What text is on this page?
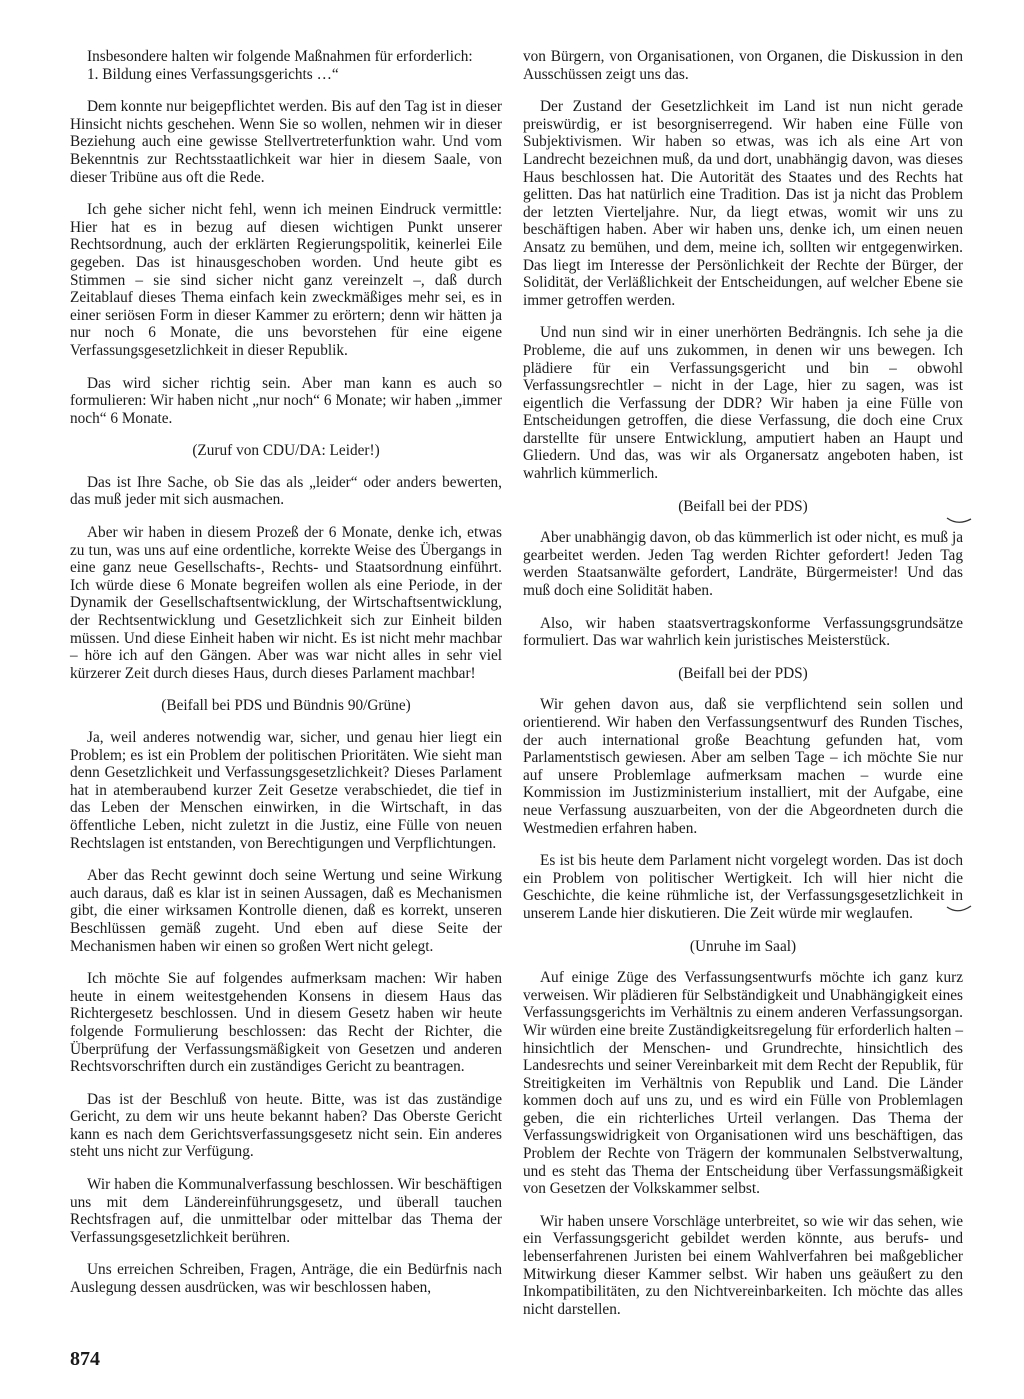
Insbesondere halten wir folgende Maßnahmen für erforderlich:
1. Bildung eines Verfassungsgerichts …“

Dem konnte nur beigepflichtet werden. Bis auf den Tag ist in dieser Hinsicht nichts geschehen. Wenn Sie so wollen, nehmen wir in dieser Beziehung auch eine gewisse Stellvertreterfunktion wahr. Und vom Bekenntnis zur Rechtsstaatlichkeit war hier in diesem Saale, von dieser Tribüne aus oft die Rede.

Ich gehe sicher nicht fehl, wenn ich meinen Eindruck vermittle: Hier hat es in bezug auf diesen wichtigen Punkt unserer Rechtsordnung, auch der erklärten Regierungspolitik, keinerlei Eile gegeben. Das ist hinausgeschoben worden. Und heute gibt es Stimmen – sie sind sicher nicht ganz vereinzelt –, daß durch Zeitablauf dieses Thema einfach kein zweckmäßiges mehr sei, es in einer seriösen Form in dieser Kammer zu erörtern; denn wir hätten ja nur noch 6 Monate, die uns bevorstehen für eine eigene Verfassungsgesetzlichkeit in dieser Republik.

Das wird sicher richtig sein. Aber man kann es auch so formulieren: Wir haben nicht „nur noch“ 6 Monate; wir haben „immer noch“ 6 Monate.

(Zuruf von CDU/DA: Leider!)

Das ist Ihre Sache, ob Sie das als „leider“ oder anders bewerten, das muß jeder mit sich ausmachen.

Aber wir haben in diesem Prozeß der 6 Monate, denke ich, etwas zu tun, was uns auf eine ordentliche, korrekte Weise des Übergangs in eine ganz neue Gesellschafts-, Rechts- und Staatsordnung einführt. Ich würde diese 6 Monate begreifen wollen als eine Periode, in der Dynamik der Gesellschaftsentwicklung, der Wirtschaftsentwicklung, der Rechtsentwicklung und Gesetzlichkeit sich zur Einheit bilden müssen. Und diese Einheit haben wir nicht. Es ist nicht mehr machbar – höre ich auf den Gängen. Aber was war nicht alles in sehr viel kürzerer Zeit durch dieses Haus, durch dieses Parlament machbar!

(Beifall bei PDS und Bündnis 90/Grüne)

Ja, weil anderes notwendig war, sicher, und genau hier liegt ein Problem; es ist ein Problem der politischen Prioritäten. Wie sieht man denn Gesetzlichkeit und Verfassungsgesetzlichkeit? Dieses Parlament hat in atemberaubend kurzer Zeit Gesetze verabschiedet, die tief in das Leben der Menschen einwirken, in die Wirtschaft, in das öffentliche Leben, nicht zuletzt in die Justiz, eine Fülle von neuen Rechtslagen ist entstanden, von Berechtigungen und Verpflichtungen.

Aber das Recht gewinnt doch seine Wertung und seine Wirkung auch daraus, daß es klar ist in seinen Aussagen, daß es Mechanismen gibt, die einer wirksamen Kontrolle dienen, daß es korrekt, unseren Beschlüssen gemäß zugeht. Und eben auf diese Seite der Mechanismen haben wir einen so großen Wert nicht gelegt.

Ich möchte Sie auf folgendes aufmerksam machen: Wir haben heute in einem weitestgehenden Konsens in diesem Haus das Richtergesetz beschlossen. Und in diesem Gesetz haben wir heute folgende Formulierung beschlossen: das Recht der Richter, die Überprüfung der Verfassungsmäßigkeit von Gesetzen und anderen Rechtsvorschriften durch ein zuständiges Gericht zu beantragen.

Das ist der Beschluß von heute. Bitte, was ist das zuständige Gericht, zu dem wir uns heute bekannt haben? Das Oberste Gericht kann es nach dem Gerichtsverfassungsgesetz nicht sein. Ein anderes steht uns nicht zur Verfügung.

Wir haben die Kommunalverfassung beschlossen. Wir beschäftigen uns mit dem Ländereinführungsgesetz, und überall tauchen Rechtsfragen auf, die unmittelbar oder mittelbar das Thema der Verfassungsgesetzlichkeit berühren.

Uns erreichen Schreiben, Fragen, Anträge, die ein Bedürfnis nach Auslegung dessen ausdrücken, was wir beschlossen haben,

von Bürgern, von Organisationen, von Organen, die Diskussion in den Ausschüssen zeigt uns das.

Der Zustand der Gesetzlichkeit im Land ist nun nicht gerade preiswürdig, er ist besorgniserregend. Wir haben eine Fülle von Subjektivismen. Wir haben so etwas, was ich als eine Art von Landrecht bezeichnen muß, da und dort, unabhängig davon, was dieses Haus beschlossen hat. Die Autorität des Staates und des Rechts hat gelitten. Das hat natürlich eine Tradition. Das ist ja nicht das Problem der letzten Vierteljahre. Nur, da liegt etwas, womit wir uns zu beschäftigen haben. Aber wir haben uns, denke ich, um einen neuen Ansatz zu bemühen, und dem, meine ich, sollten wir entgegenwirken. Das liegt im Interesse der Persönlichkeit der Rechte der Bürger, der Solidität, der Verläßlichkeit der Entscheidungen, auf welcher Ebene sie immer getroffen werden.

Und nun sind wir in einer unerhörten Bedrängnis. Ich sehe ja die Probleme, die auf uns zukommen, in denen wir uns bewegen. Ich plädiere für ein Verfassungsgericht und bin – obwohl Verfassungsrechtler – nicht in der Lage, hier zu sagen, was ist eigentlich die Verfassung der DDR? Wir haben ja eine Fülle von Entscheidungen getroffen, die diese Verfassung, die doch eine Crux darstellte für unsere Entwicklung, amputiert haben an Haupt und Gliedern. Und das, was wir als Organersatz angeboten haben, ist wahrlich kümmerlich.

(Beifall bei der PDS)

Aber unabhängig davon, ob das kümmerlich ist oder nicht, es muß ja gearbeitet werden. Jeden Tag werden Richter gefordert! Jeden Tag werden Staatsanwälte gefordert, Landräte, Bürgermeister! Und das muß doch eine Solidität haben.

Also, wir haben staatsvertragskonforme Verfassungsgrundsätze formuliert. Das war wahrlich kein juristisches Meisterstück.

(Beifall bei der PDS)

Wir gehen davon aus, daß sie verpflichtend sein sollen und orientierend. Wir haben den Verfassungsentwurf des Runden Tisches, der auch international große Beachtung gefunden hat, vom Parlamentstisch gewiesen. Aber am selben Tage – ich möchte Sie nur auf unsere Problemlage aufmerksam machen – wurde eine Kommission im Justizministerium installiert, mit der Aufgabe, eine neue Verfassung auszuarbeiten, von der die Abgeordneten durch die Westmedien erfahren haben.

Es ist bis heute dem Parlament nicht vorgelegt worden. Das ist doch ein Problem von politischer Wertigkeit. Ich will hier nicht die Geschichte, die keine rühmliche ist, der Verfassungsgesetzlichkeit in unserem Lande hier diskutieren. Die Zeit würde mir weglaufen.

(Unruhe im Saal)

Auf einige Züge des Verfassungsentwurfs möchte ich ganz kurz verweisen. Wir plädieren für Selbständigkeit und Unabhängigkeit eines Verfassungsgerichts im Verhältnis zu einem anderen Verfassungsorgan. Wir würden eine breite Zuständigkeitsregelung für erforderlich halten – hinsichtlich der Menschen- und Grundrechte, hinsichtlich des Landesrechts und seiner Vereinbarkeit mit dem Recht der Republik, für Streitigkeiten im Verhältnis von Republik und Land. Die Länder kommen doch auf uns zu, und es wird ein Fülle von Problemlagen geben, die ein richterliches Urteil verlangen. Das Thema der Verfassungswidrigkeit von Organisationen wird uns beschäftigen, das Problem der Rechte von Trägern der kommunalen Selbstverwaltung, und es steht das Thema der Entscheidung über Verfassungsmäßigkeit von Gesetzen der Volkskammer selbst.

Wir haben unsere Vorschläge unterbreitet, so wie wir das sehen, wie ein Verfassungsgericht gebildet werden könnte, aus berufs- und lebenserfahrenen Juristen bei einem Wahlverfahren bei maßgeblicher Mitwirkung dieser Kammer selbst. Wir haben uns geäußert zu den Inkompatibilitäten, zu den Nichtvereinbarkeiten. Ich möchte das alles nicht darstellen.

874
